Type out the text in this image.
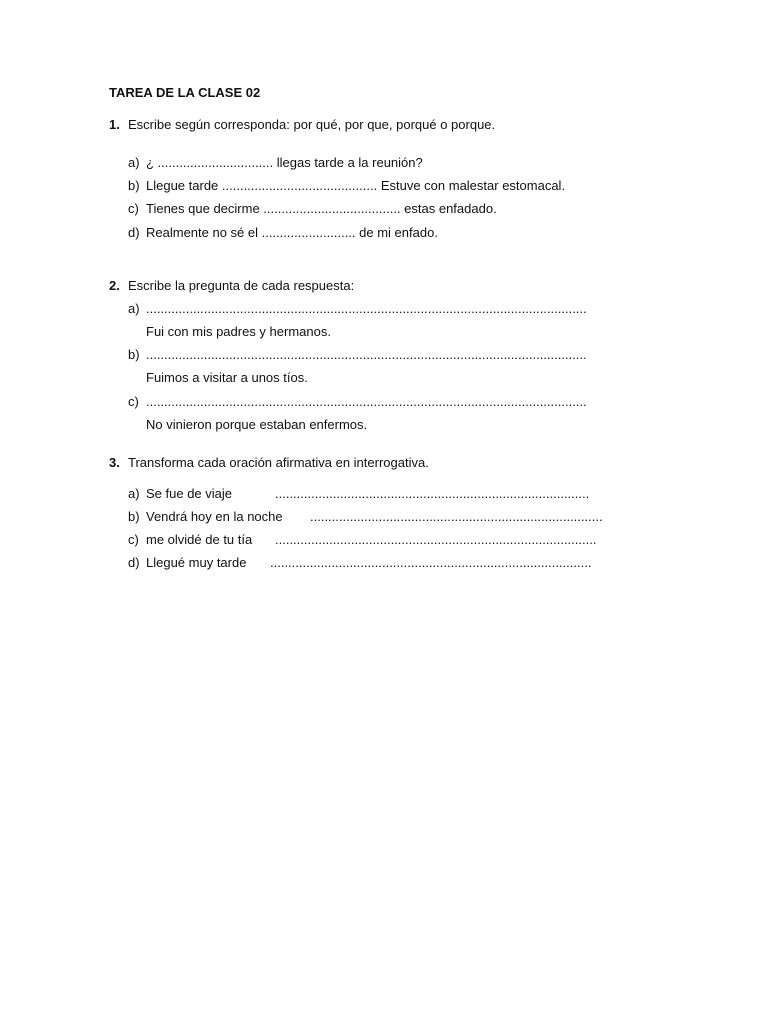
TAREA DE LA CLASE 02
1. Escribe según corresponda: por qué, por que, porqué o porque.
a) ¿ ................................ llegas tarde a la reunión?
b) Llegue tarde ........................................... Estuve con malestar estomacal.
c) Tienes que decirme ...................................... estas enfadado.
d) Realmente no sé el .......................... de mi enfado.
2. Escribe la pregunta de cada respuesta:
a) ..........................................................................................................................
Fui con mis padres y hermanos.
b) ..........................................................................................................................
Fuimos a visitar a unos tíos.
c) ..........................................................................................................................
No vinieron porque estaban enfermos.
3. Transforma cada oración afirmativa en interrogativa.
a) Se fue de viaje	.......................................................................................
b) Vendrá hoy en la noche .................................................................................
c) me olvidé de tu tía .........................................................................................
d) Llegué muy tarde .........................................................................................
